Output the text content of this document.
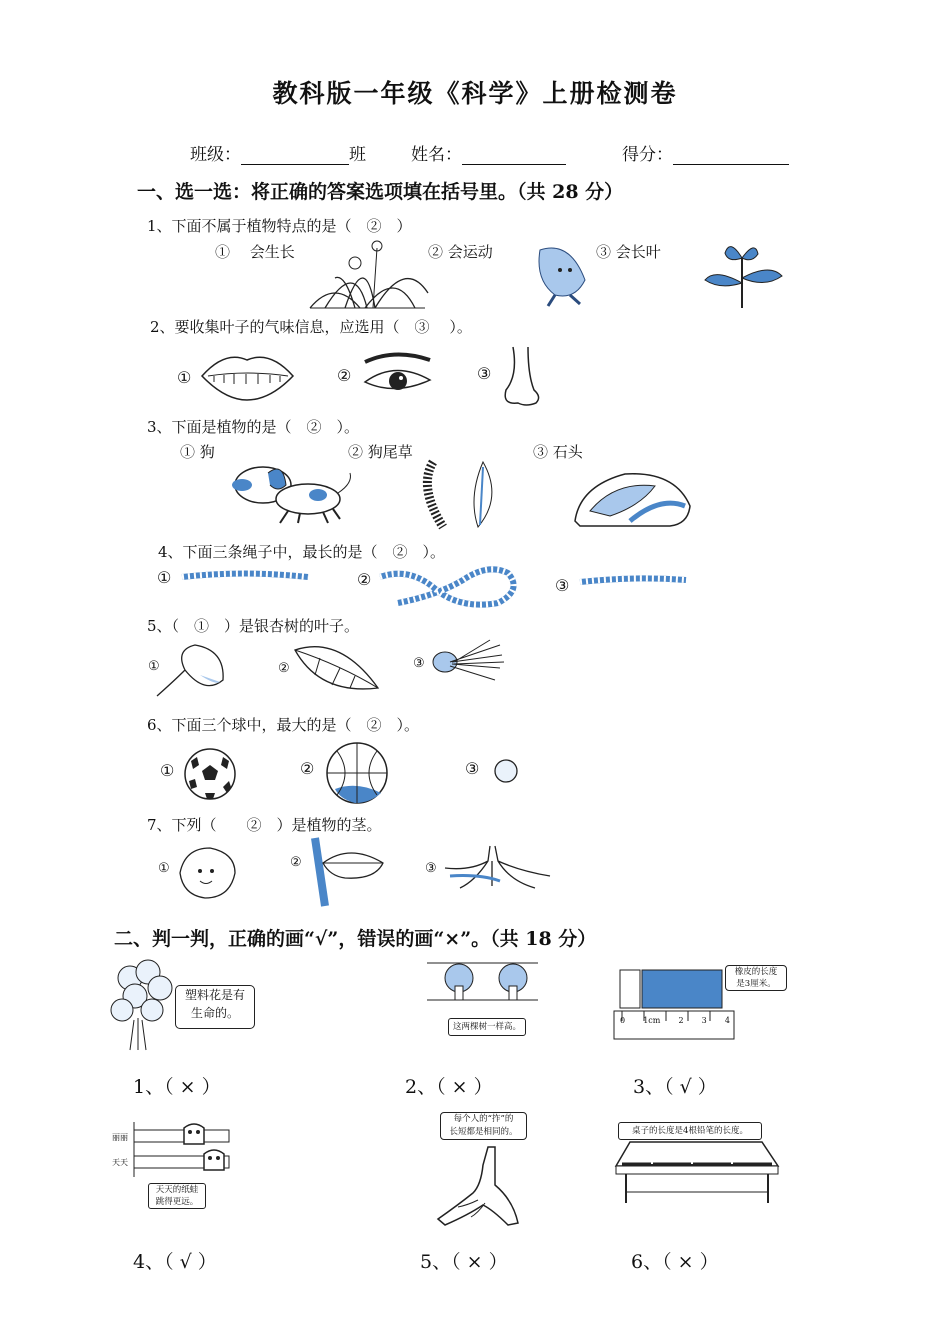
教科版一年级《科学》上册检测卷
班级：	班	姓名：	得分：
一、选一选：将正确的答案选项填在括号里。（共 28 分）
1、下面不属于植物特点的是（　②　）
①　 会生长	② 会运动	③ 会长叶
2、要收集叶子的气味信息，应选用（　③　 ）。
①	②	③
3、下面是植物的是（　②　）。
① 狗	② 狗尾草	③ 石头
4、下面三条绳子中，最长的是（　②　）。
①	②	③
5、（　①　）是银杏树的叶子。
①	②	③
6、下面三个球中，最大的是（　②　）。
①	②	③
7、下列（　　②　）是植物的茎。
①	②	③
二、判一判，正确的画“√”，错误的画“×”。（共 18 分）
塑料花是有
生命的。
这两棵树一样高。
0 1cm 2 3 4
橡皮的长度
是3厘米。
1、（ × ）	2、（ × ）	3、（ √ ）
丽丽
天天
天天的纸蛙
跳得更远。
每个人的“拃”的
长短都是相同的。	桌子的长度是4根铅笔的长度。
4、（ √ ）	5、（ × ）	6、（ × ）
